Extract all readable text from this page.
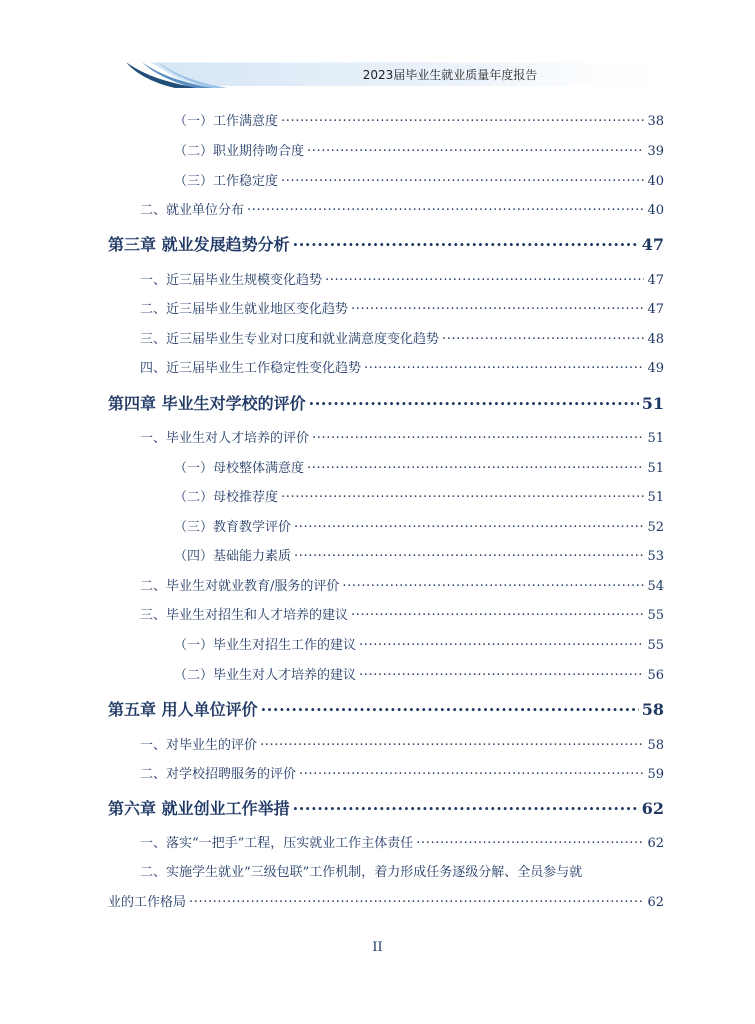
2023届毕业生就业质量年度报告
（一）工作满意度 .....	38
（二）职业期待吻合度 .....	39
（三）工作稳定度 .....	40
二、就业单位分布 .....	40
第三章 就业发展趋势分析 .....	47
一、近三届毕业生规模变化趋势 .....	47
二、近三届毕业生就业地区变化趋势 .....	47
三、近三届毕业生专业对口度和就业满意度变化趋势 .....	48
四、近三届毕业生工作稳定性变化趋势 .....	49
第四章 毕业生对学校的评价 .....	51
一、毕业生对人才培养的评价 .....	51
（一）母校整体满意度 .....	51
（二）母校推荐度 .....	51
（三）教育教学评价 .....	52
（四）基础能力素质 .....	53
二、毕业生对就业教育/服务的评价 .....	54
三、毕业生对招生和人才培养的建议 .....	55
（一）毕业生对招生工作的建议 .....	55
（二）毕业生对人才培养的建议 .....	56
第五章 用人单位评价 .....	58
一、对毕业生的评价 .....	58
二、对学校招聘服务的评价 .....	59
第六章 就业创业工作举措 .....	62
一、落实“一把手”工程，压实就业工作主体责任 .....	62
二、实施学生就业“三级包联”工作机制，着力形成任务逐级分解、全员参与就
业的工作格局 .....	62
II
